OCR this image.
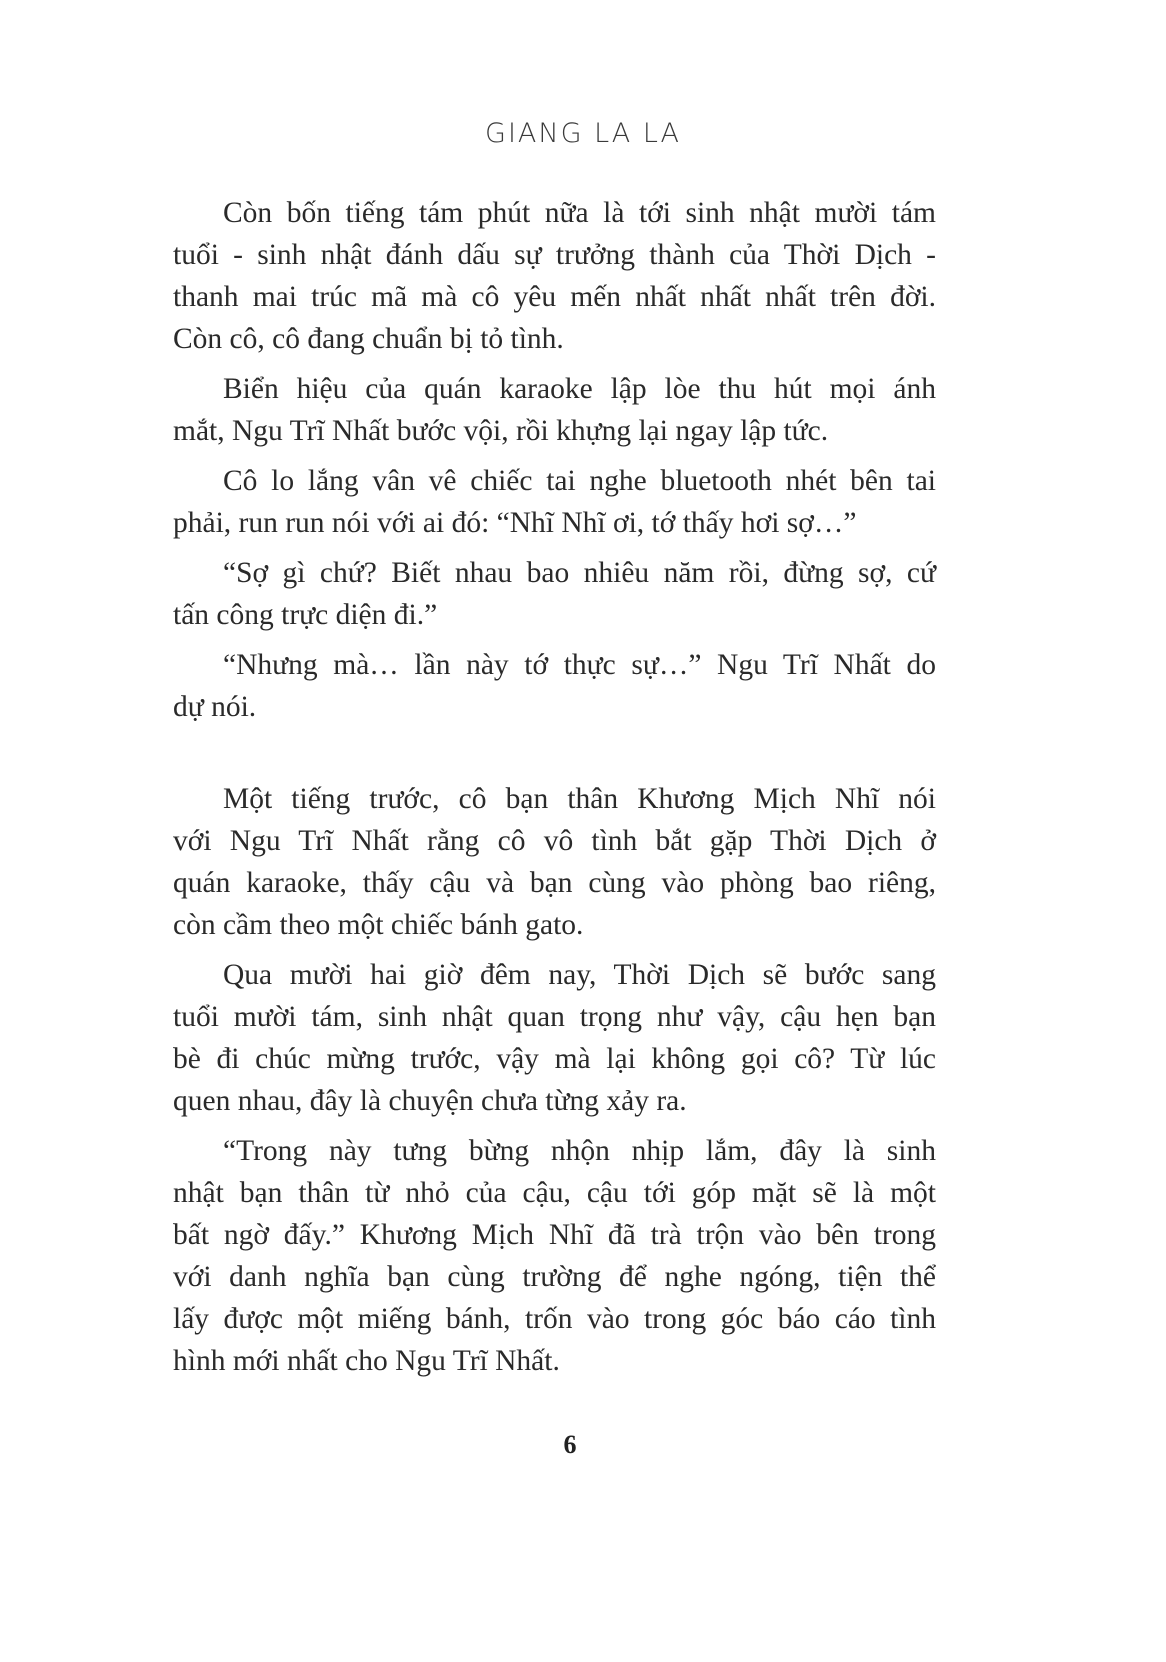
GIANG LA LA
Còn bốn tiếng tám phút nữa là tới sinh nhật mười tám
tuổi - sinh nhật đánh dấu sự trưởng thành của Thời Dịch -
thanh mai trúc mã mà cô yêu mến nhất nhất nhất trên đời.
Còn cô, cô đang chuẩn bị tỏ tình.
Biển hiệu của quán karaoke lập lòe thu hút mọi ánh
mắt, Ngu Trĩ Nhất bước vội, rồi khựng lại ngay lập tức.
Cô lo lắng vân vê chiếc tai nghe bluetooth nhét bên tai
phải, run run nói với ai đó: “Nhĩ Nhĩ ơi, tớ thấy hơi sợ…”
“Sợ gì chứ? Biết nhau bao nhiêu năm rồi, đừng sợ, cứ
tấn công trực diện đi.”
“Nhưng mà… lần này tớ thực sự…” Ngu Trĩ Nhất do
dự nói.
Một tiếng trước, cô bạn thân Khương Mịch Nhĩ nói
với Ngu Trĩ Nhất rằng cô vô tình bắt gặp Thời Dịch ở
quán karaoke, thấy cậu và bạn cùng vào phòng bao riêng,
còn cầm theo một chiếc bánh gato.
Qua mười hai giờ đêm nay, Thời Dịch sẽ bước sang
tuổi mười tám, sinh nhật quan trọng như vậy, cậu hẹn bạn
bè đi chúc mừng trước, vậy mà lại không gọi cô? Từ lúc
quen nhau, đây là chuyện chưa từng xảy ra.
“Trong này tưng bừng nhộn nhịp lắm, đây là sinh
nhật bạn thân từ nhỏ của cậu, cậu tới góp mặt sẽ là một
bất ngờ đấy.” Khương Mịch Nhĩ đã trà trộn vào bên trong
với danh nghĩa bạn cùng trường để nghe ngóng, tiện thể
lấy được một miếng bánh, trốn vào trong góc báo cáo tình
hình mới nhất cho Ngu Trĩ Nhất.
6
